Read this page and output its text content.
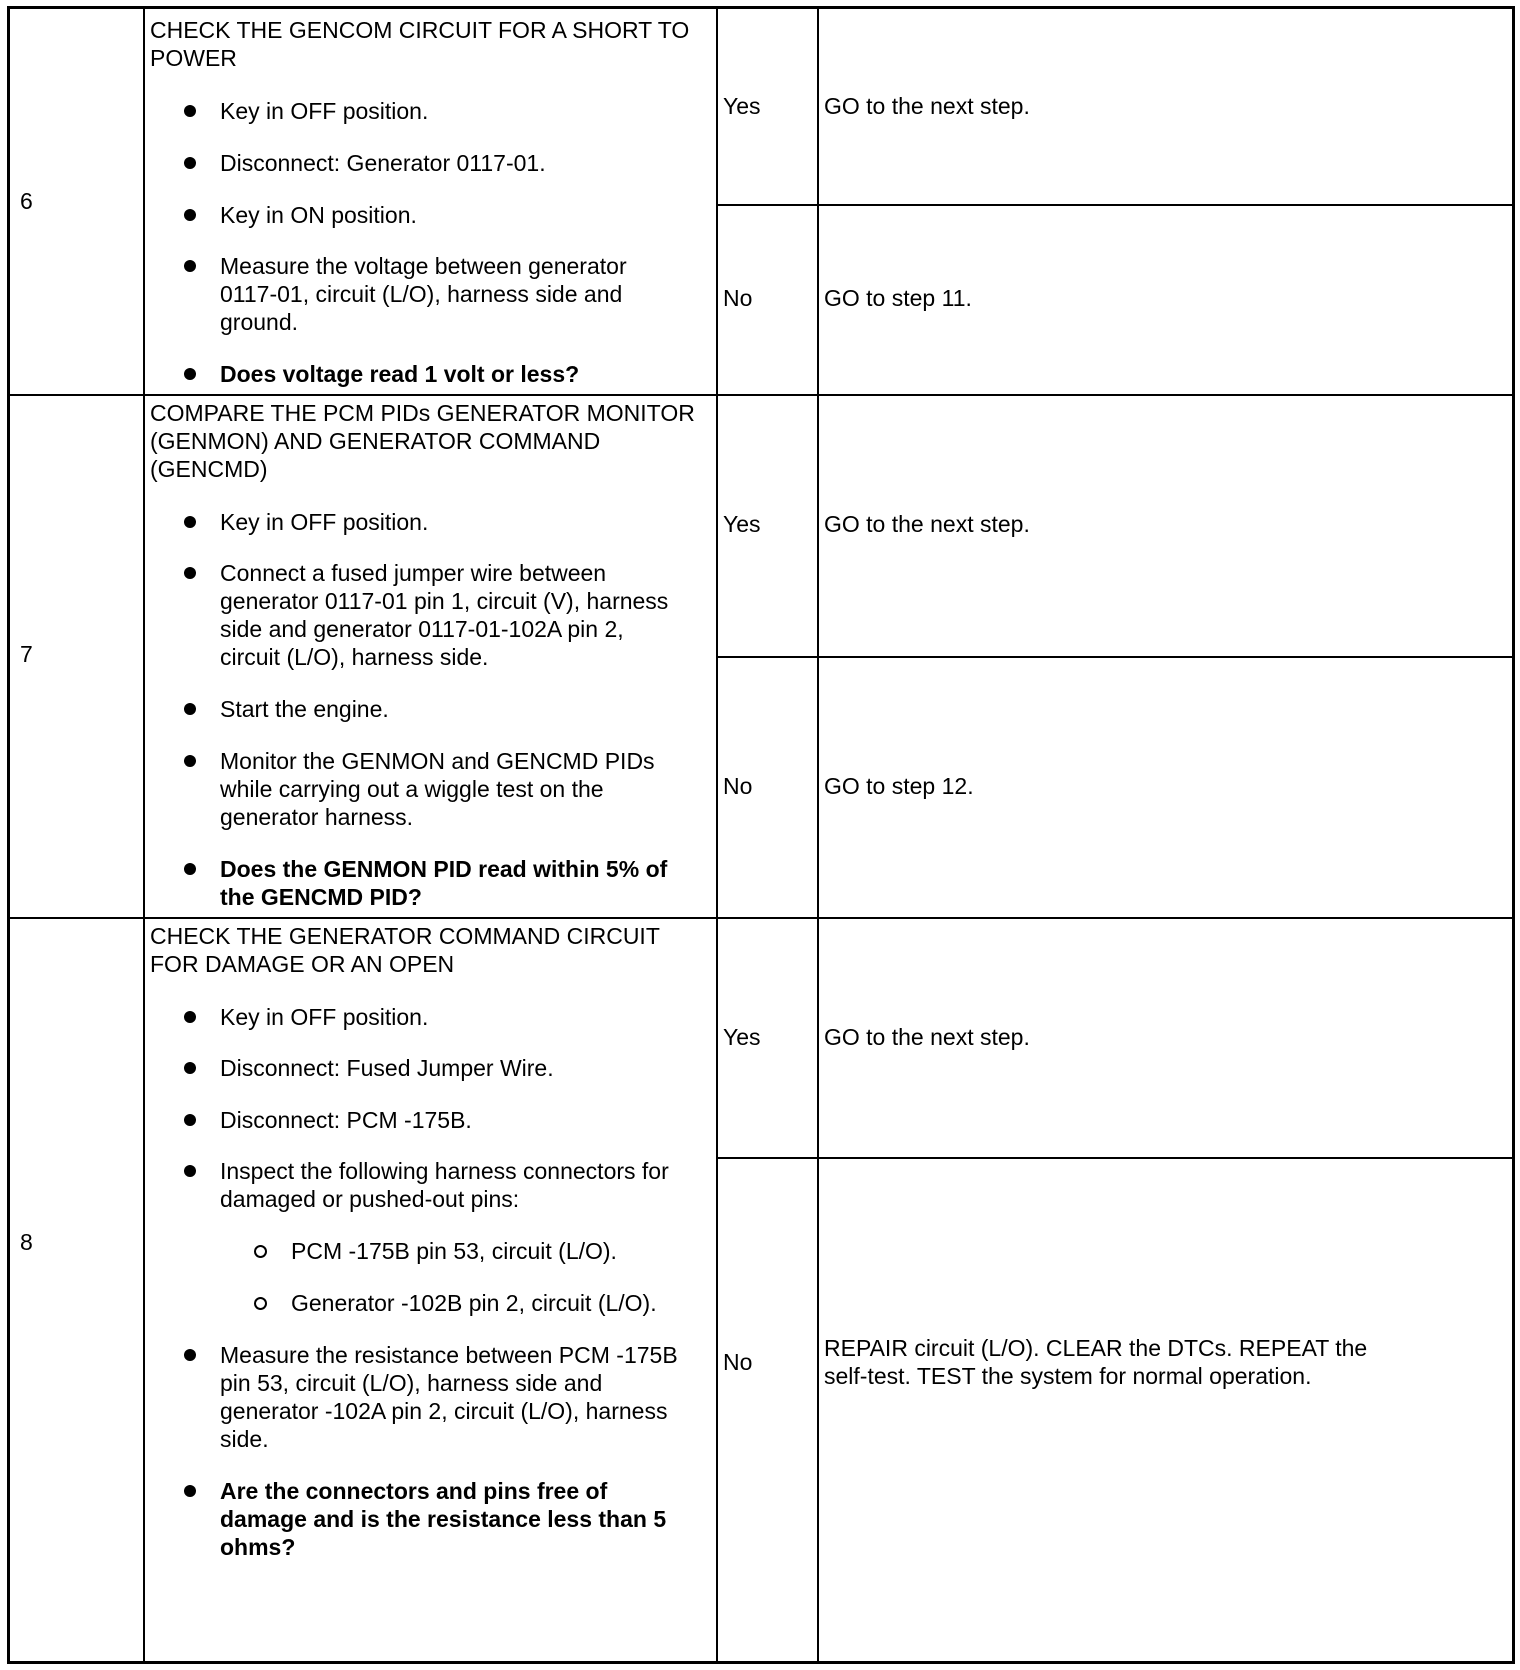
6
CHECK THE GENCOM CIRCUIT FOR A SHORT TO
POWER
Key in OFF position.
Disconnect: Generator 0117-01.
Key in ON position.
Measure the voltage between generator
0117-01, circuit (L/O), harness side and
ground.
Does voltage read 1 volt or less?
Yes	GO to the next step.
No	GO to step 11.
7
COMPARE THE PCM PIDs GENERATOR MONITOR
(GENMON) AND GENERATOR COMMAND
(GENCMD)
Key in OFF position.
Connect a fused jumper wire between
generator 0117-01 pin 1, circuit (V), harness
side and generator 0117-01-102A pin 2,
circuit (L/O), harness side.
Start the engine.
Monitor the GENMON and GENCMD PIDs
while carrying out a wiggle test on the
generator harness.
Does the GENMON PID read within 5% of
the GENCMD PID?
Yes	GO to the next step.
No	GO to step 12.
8
CHECK THE GENERATOR COMMAND CIRCUIT
FOR DAMAGE OR AN OPEN
Key in OFF position.
Disconnect: Fused Jumper Wire.
Disconnect: PCM -175B.
Inspect the following harness connectors for
damaged or pushed-out pins:
PCM -175B pin 53, circuit (L/O).
Generator -102B pin 2, circuit (L/O).
Measure the resistance between PCM -175B
pin 53, circuit (L/O), harness side and
generator -102A pin 2, circuit (L/O), harness
side.
Are the connectors and pins free of
damage and is the resistance less than 5
ohms?
Yes	GO to the next step.
No
REPAIR circuit (L/O). CLEAR the DTCs. REPEAT the
self-test. TEST the system for normal operation.
